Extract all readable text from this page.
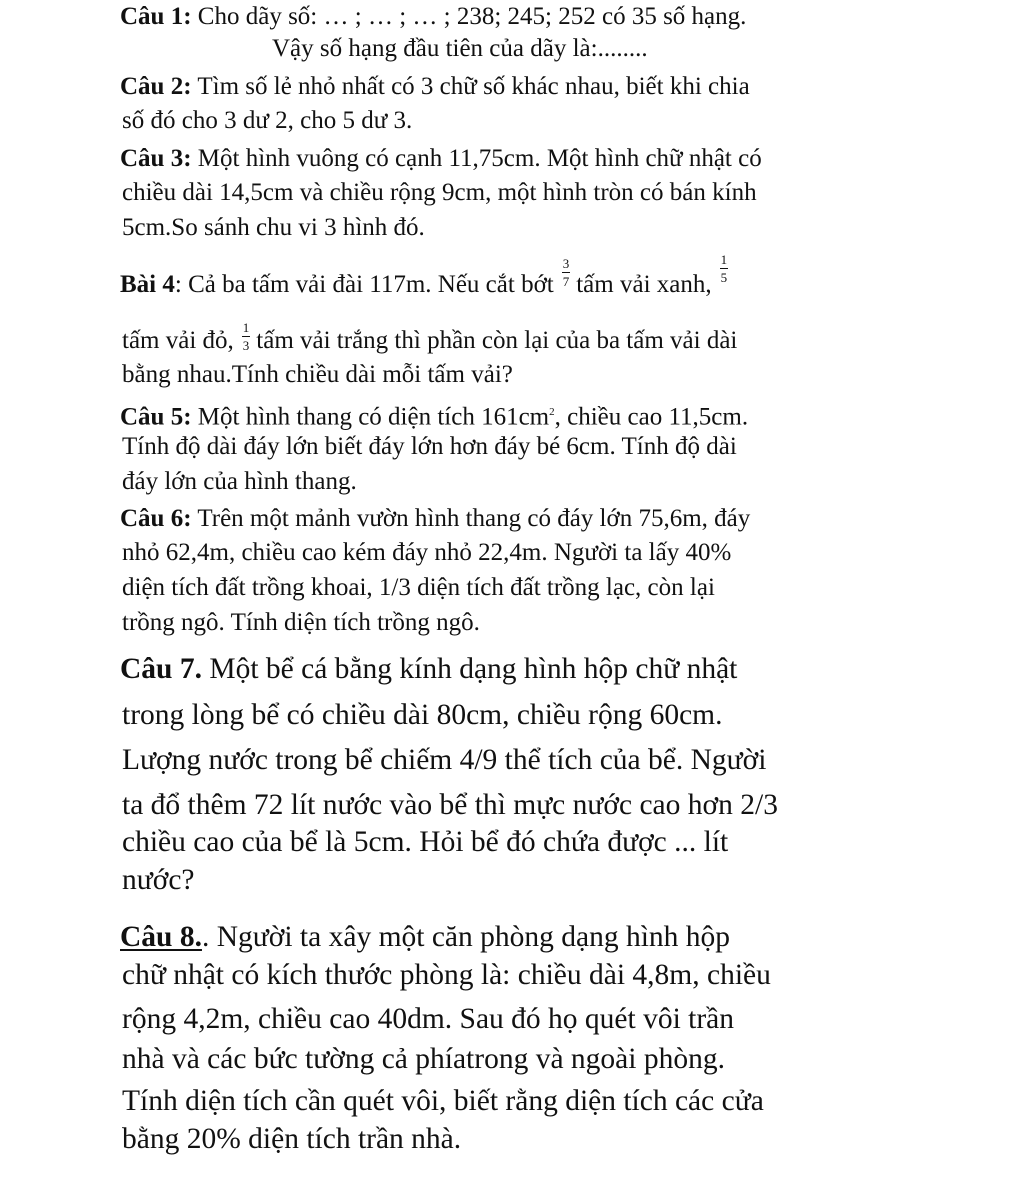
Câu 1: Cho dãy số: … ; … ; … ; 238; 245; 252 có 35 số hạng.
Vậy số hạng đầu tiên của dãy là:........
Câu 2: Tìm số lẻ nhỏ nhất có 3 chữ số khác nhau, biết khi chia
số đó cho 3 dư 2, cho 5 dư 3.
Câu 3: Một hình vuông có cạnh 11,75cm. Một hình chữ nhật có
chiều dài 14,5cm và chiều rộng 9cm, một hình tròn có bán kính
5cm.So sánh chu vi 3 hình đó.
Bài 4: Cả ba tấm vải đài 117m. Nếu cắt bớt $\frac{3}{7}$ tấm vải xanh,
$\frac{1}{5}$
tấm vải đỏ, $\frac{1}{3}$ tấm vải trắng thì phần còn lại của ba tấm vải dài
bằng nhau.Tính chiều dài mỗi tấm vải?
Câu 5: Một hình thang có diện tích $161cm^2$, chiều cao 11,5cm.
Tính độ dài đáy lớn biết đáy lớn hơn đáy bé 6cm. Tính độ dài
đáy lớn của hình thang.
Câu 6: Trên một mảnh vườn hình thang có đáy lớn 75,6m, đáy
nhỏ 62,4m, chiều cao kém đáy nhỏ 22,4m. Người ta lấy 40%
diện tích đất trồng khoai, 1/3 diện tích đất trồng lạc, còn lại
trồng ngô. Tính diện tích trồng ngô.
Câu 7. Một bể cá bằng kính dạng hình hộp chữ nhật
trong lòng bể có chiều dài 80cm, chiều rộng 60cm.
Lượng nước trong bể chiếm 4/9 thể tích của bể. Người
ta đổ thêm 72 lít nước vào bể thì mực nước cao hơn 2/3
chiều cao của bể là 5cm. Hỏi bể đó chứa được ... lít
nước?
Câu 8.. Người ta xây một căn phòng dạng hình hộp
chữ nhật có kích thước phòng là: chiều dài 4,8m, chiều
rộng 4,2m, chiều cao 40dm. Sau đó họ quét vôi trần
nhà và các bức tường cả phíatrong và ngoài phòng.
Tính diện tích cần quét vôi, biết rằng diện tích các cửa
bằng 20% diện tích trần nhà.
